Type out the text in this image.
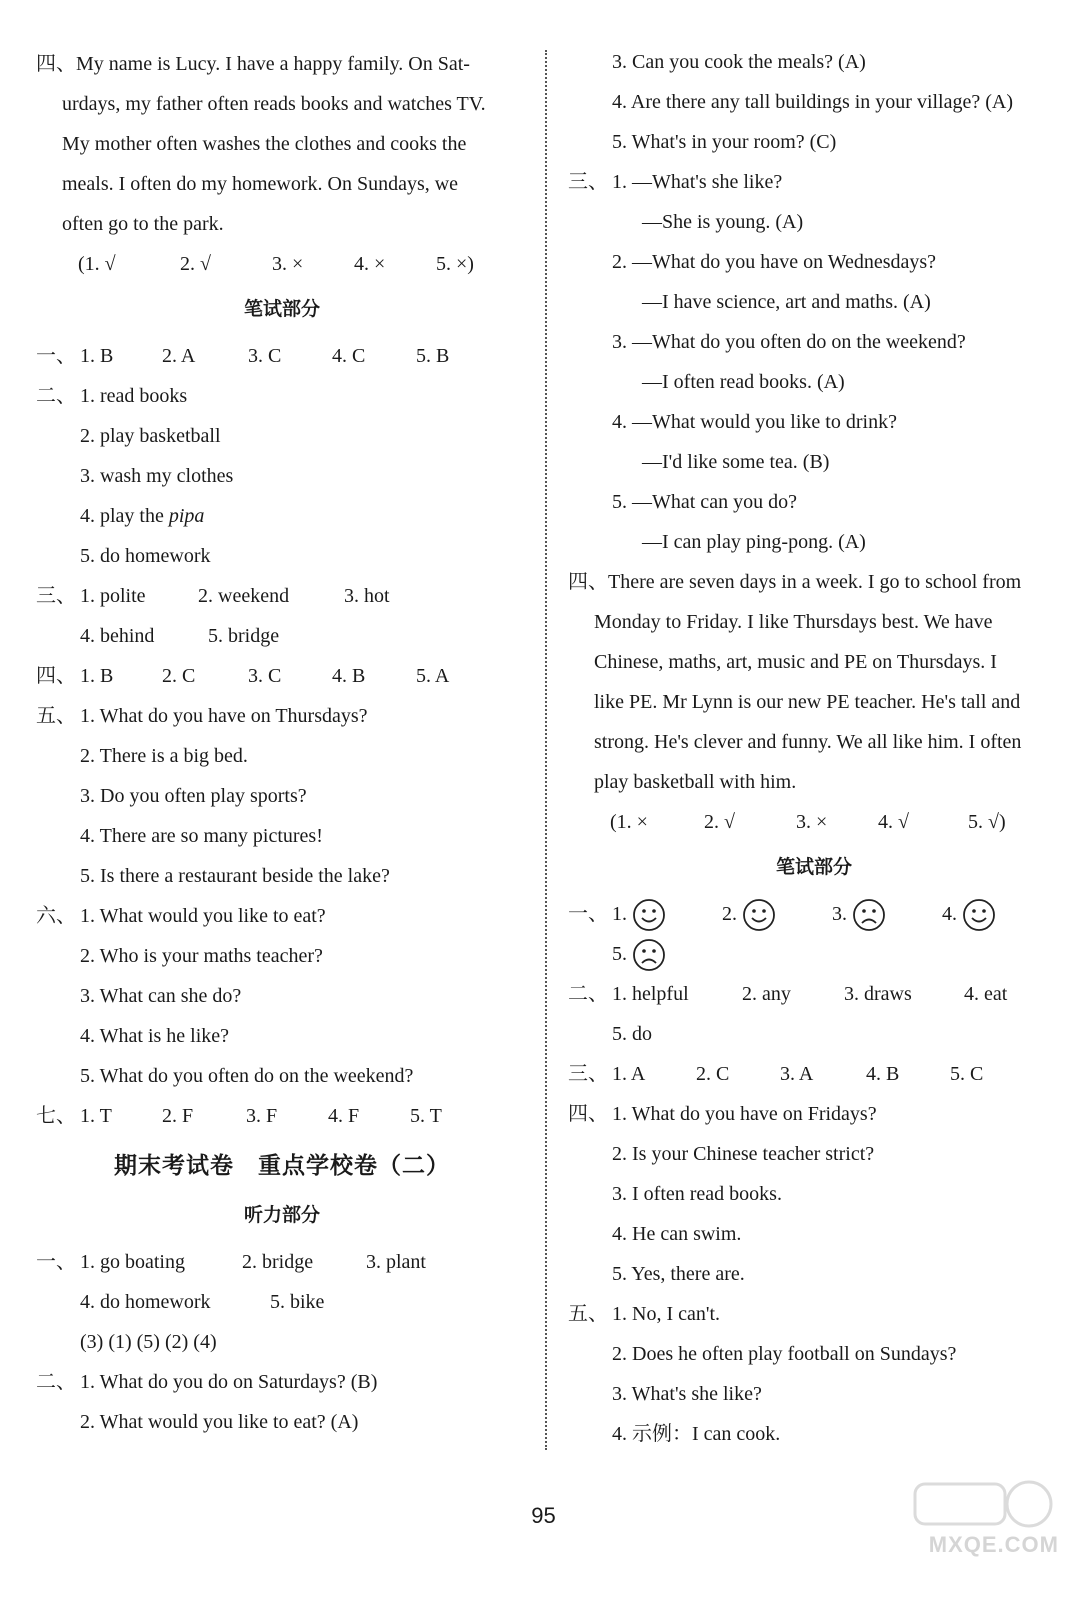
四、My name is Lucy. I have a happy family. On Sat-
urdays, my father often reads books and watches TV.
My mother often washes the clothes and cooks the
meals. I often do my homework. On Sundays, we
often go to the park.
(1. √	2. √	3. ×	4. ×	5. ×)
笔试部分
一、 1. B 2. A	3. C	4. C	5. B
二、 1. read books
2. play basketball
3. wash my clothes
4. play the pipa
5. do homework
三、 1. polite	2. weekend	3. hot
4. behind	5. bridge
四、 1. B 2. C	3. C	4. B	5. A
五、 1. What do you have on Thursdays?
2. There is a big bed.
3. Do you often play sports?
4. There are so many pictures!
5. Is there a restaurant beside the lake?
六、 1. What would you like to eat?
2. Who is your maths teacher?
3. What can she do?
4. What is he like?
5. What do you often do on the weekend?
七、 1. T	2. F	3. F	4. F	5. T
期末考试卷　重点学校卷（二）
听力部分
一、 1. go boating	2. bridge	3. plant
4. do homework	5. bike
(3) (1) (5) (2) (4)
二、 1. What do you do on Saturdays? (B)
2. What would you like to eat? (A)
3. Can you cook the meals? (A)
4. Are there any tall buildings in your village? (A)
5. What's in your room? (C)
三、 1. —What's she like?
—She is young. (A)
2. —What do you have on Wednesdays?
—I have science, art and maths. (A)
3. —What do you often do on the weekend?
—I often read books. (A)
4. —What would you like to drink?
—I'd like some tea. (B)
5. —What can you do?
—I can play ping-pong. (A)
四、There are seven days in a week. I go to school from
Monday to Friday. I like Thursdays best. We have
Chinese, maths, art, music and PE on Thursdays. I
like PE. Mr Lynn is our new PE teacher. He's tall and
strong. He's clever and funny. We all like him. I often
play basketball with him.
(1. ×	2. √	3. ×	4. √	5. √)
笔试部分
一、 1.	2.	3.	4.
5.
二、 1. helpful	2. any	3. draws	4. eat
5. do
三、 1. A	2. C	3. A	4. B	5. C
四、 1. What do you have on Fridays?
2. Is your Chinese teacher strict?
3. I often read books.
4. He can swim.
5. Yes, there are.
五、 1. No, I can't.
2. Does he often play football on Sundays?
3. What's she like?
4. 示例：I can cook.
95
MXQE.COM
